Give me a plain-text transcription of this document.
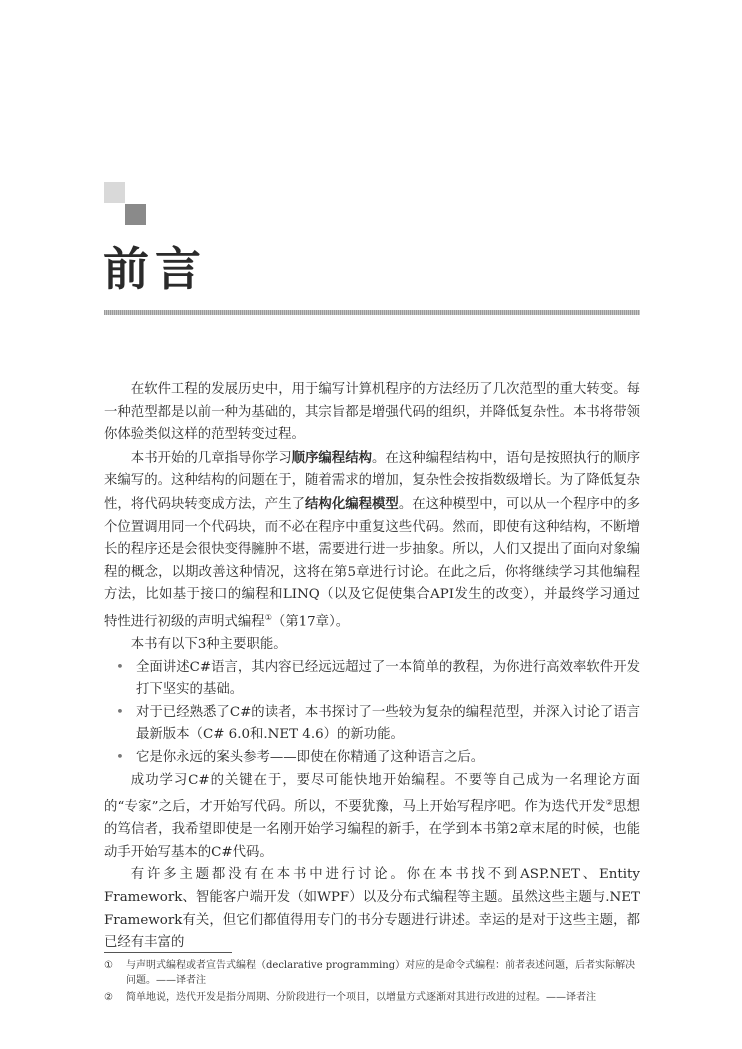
前言

在软件工程的发展历史中，用于编写计算机程序的方法经历了几次范型的重大转变。每一种范型都是以前一种为基础的，其宗旨都是增强代码的组织，并降低复杂性。本书将带领你体验类似这样的范型转变过程。

本书开始的几章指导你学习顺序编程结构。在这种编程结构中，语句是按照执行的顺序来编写的。这种结构的问题在于，随着需求的增加，复杂性会按指数级增长。为了降低复杂性，将代码块转变成方法，产生了结构化编程模型。在这种模型中，可以从一个程序中的多个位置调用同一个代码块，而不必在程序中重复这些代码。然而，即使有这种结构，不断增长的程序还是会很快变得臃肿不堪，需要进行进一步抽象。所以，人们又提出了面向对象编程的概念，以期改善这种情况，这将在第5章进行讨论。在此之后，你将继续学习其他编程方法，比如基于接口的编程和LINQ（以及它促使集合API发生的改变），并最终学习通过特性进行初级的声明式编程①（第17章）。

本书有以下3种主要职能。

• 全面讲述C#语言，其内容已经远远超过了一本简单的教程，为你进行高效率软件开发打下坚实的基础。
• 对于已经熟悉了C#的读者，本书探讨了一些较为复杂的编程范型，并深入讨论了语言最新版本（C# 6.0和.NET 4.6）的新功能。
• 它是你永远的案头参考——即使在你精通了这种语言之后。

成功学习C#的关键在于，要尽可能快地开始编程。不要等自己成为一名理论方面的“专家”之后，才开始写代码。所以，不要犹豫，马上开始写程序吧。作为迭代开发②思想的笃信者，我希望即使是一名刚开始学习编程的新手，在学到本书第2章末尾的时候，也能动手开始写基本的C#代码。

有许多主题都没有在本书中进行讨论。你在本书找不到ASP.NET、Entity Framework、智能客户端开发（如WPF）以及分布式编程等主题。虽然这些主题与.NET Framework有关，但它们都值得用专门的书分专题进行讲述。幸运的是对于这些主题，都已经有丰富的

① 与声明式编程或者宣告式编程（declarative programming）对应的是命令式编程：前者表述问题，后者实际解决问题。——译者注

② 简单地说，迭代开发是指分周期、分阶段进行一个项目，以增量方式逐渐对其进行改进的过程。——译者注
